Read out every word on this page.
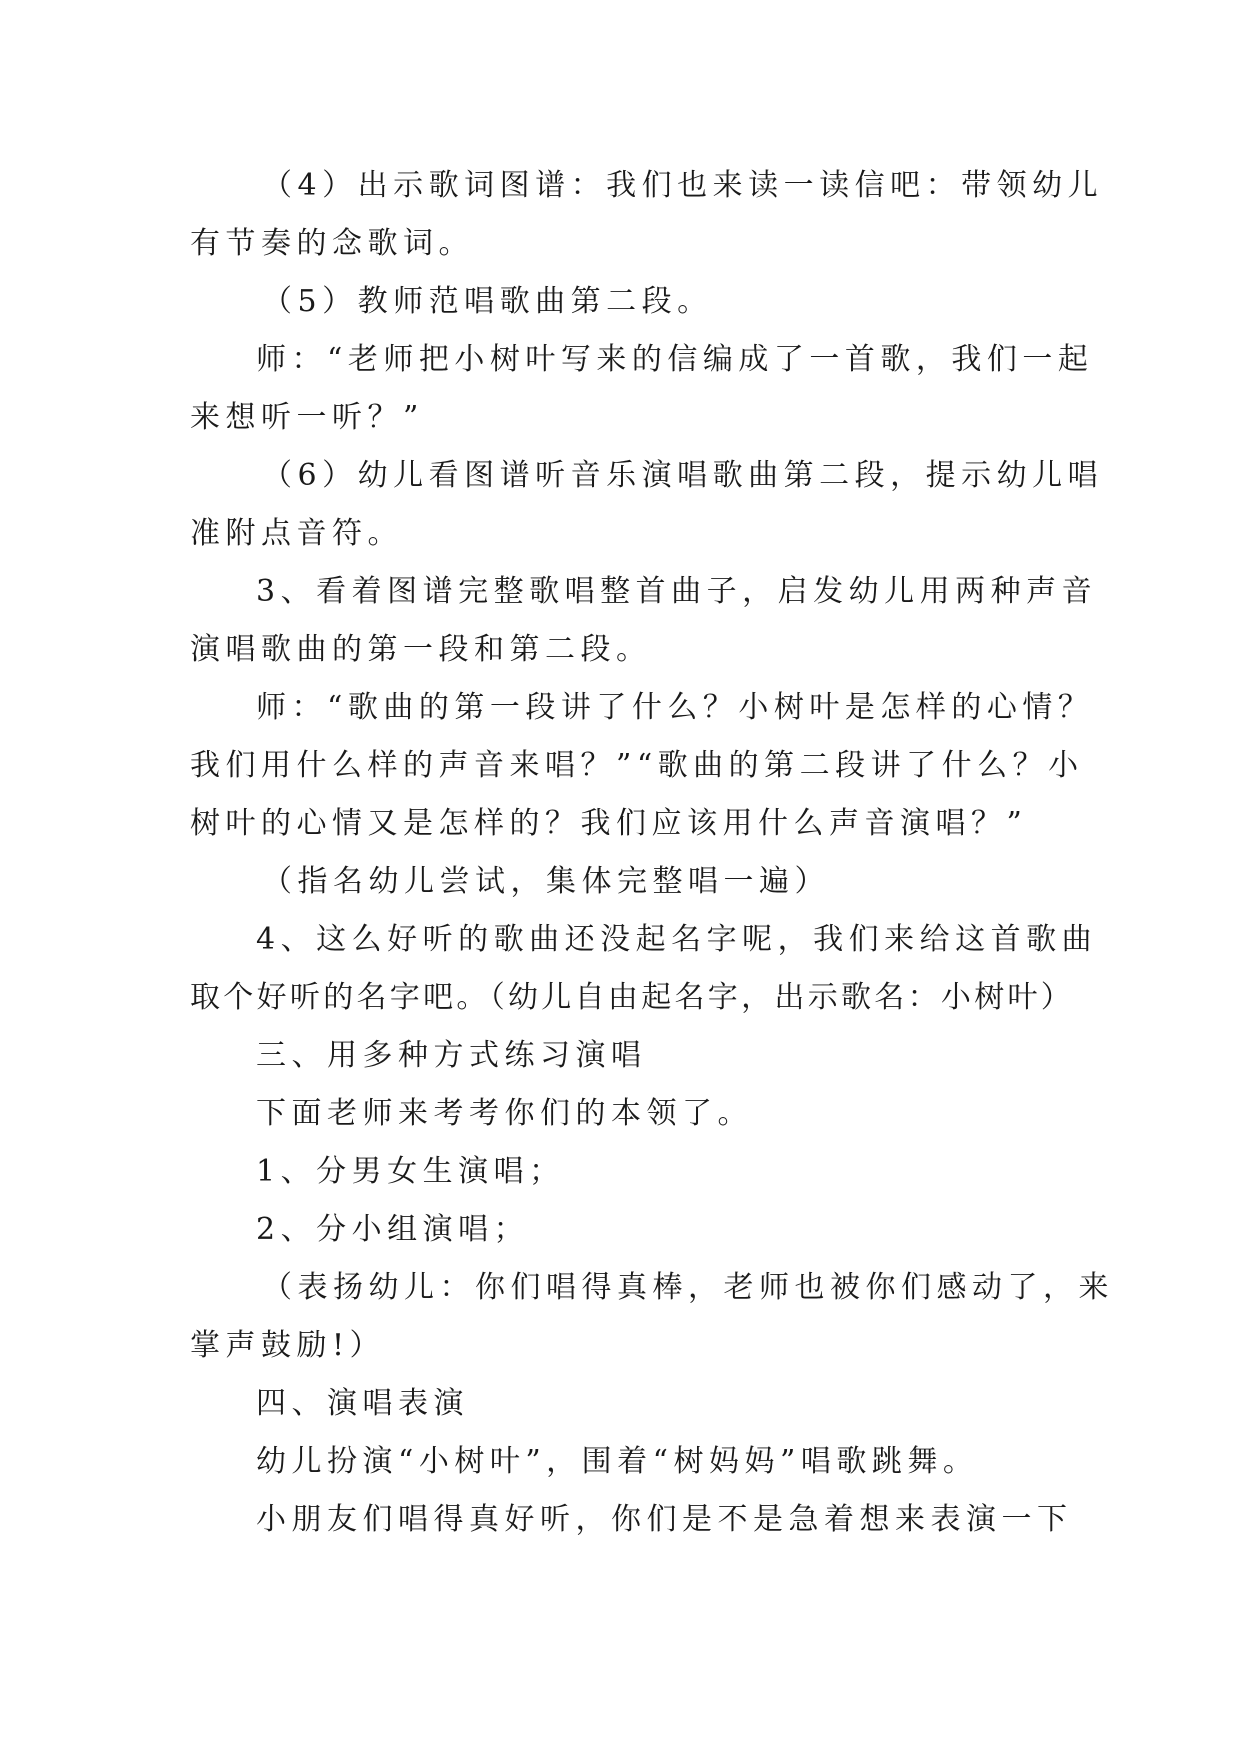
（4）出示歌词图谱：我们也来读一读信吧：带领幼儿
有节奏的念歌词。
（5）教师范唱歌曲第二段。
师：“老师把小树叶写来的信编成了一首歌，我们一起
来想听一听？”
（6）幼儿看图谱听音乐演唱歌曲第二段，提示幼儿唱
准附点音符。
3、看着图谱完整歌唱整首曲子，启发幼儿用两种声音
演唱歌曲的第一段和第二段。
师：“歌曲的第一段讲了什么？小树叶是怎样的心情？
我们用什么样的声音来唱？”“歌曲的第二段讲了什么？小
树叶的心情又是怎样的？我们应该用什么声音演唱？”
（指名幼儿尝试，集体完整唱一遍）
4、这么好听的歌曲还没起名字呢，我们来给这首歌曲
取个好听的名字吧。（幼儿自由起名字，出示歌名：小树叶）
三、用多种方式练习演唱
下面老师来考考你们的本领了。
1、分男女生演唱；
2、分小组演唱；
（表扬幼儿：你们唱得真棒，老师也被你们感动了，来
掌声鼓励!）
四、演唱表演
幼儿扮演“小树叶”，围着“树妈妈”唱歌跳舞。
小朋友们唱得真好听，你们是不是急着想来表演一下
